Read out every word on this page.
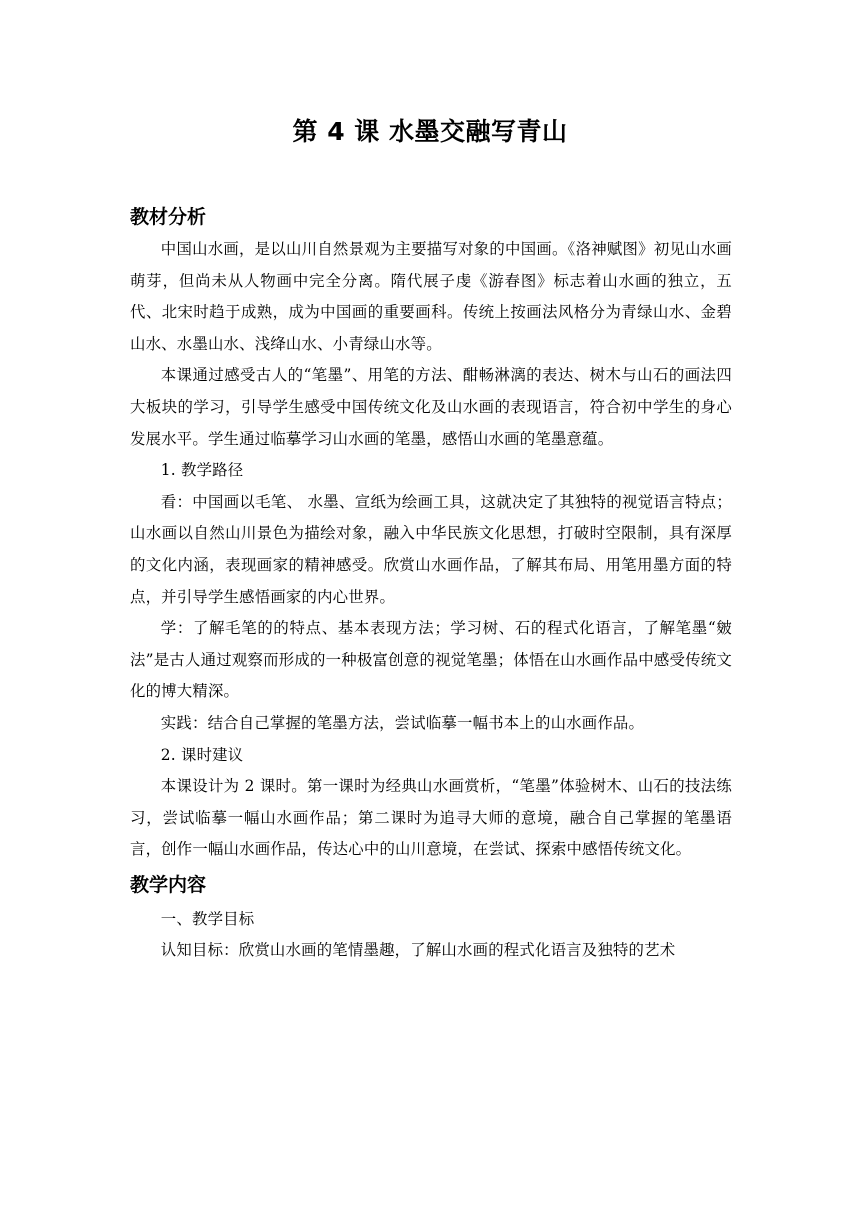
第 4 课 水墨交融写青山
教材分析
中国山水画，是以山川自然景观为主要描写对象的中国画。《洛神赋图》初见山水画萌芽，但尚未从人物画中完全分离。隋代展子虔《游春图》标志着山水画的独立，五代、北宋时趋于成熟，成为中国画的重要画科。传统上按画法风格分为青绿山水、金碧山水、水墨山水、浅绛山水、小青绿山水等。
本课通过感受古人的“笔墨”、用笔的方法、酣畅淋漓的表达、树木与山石的画法四大板块的学习，引导学生感受中国传统文化及山水画的表现语言，符合初中学生的身心发展水平。学生通过临摹学习山水画的笔墨，感悟山水画的笔墨意蕴。
1. 教学路径
看：中国画以毛笔、 水墨、宣纸为绘画工具，这就决定了其独特的视觉语言特点；山水画以自然山川景色为描绘对象，融入中华民族文化思想，打破时空限制，具有深厚的文化内涵，表现画家的精神感受。欣赏山水画作品，了解其布局、用笔用墨方面的特点，并引导学生感悟画家的内心世界。
学：了解毛笔的的特点、基本表现方法；学习树、石的程式化语言，了解笔墨“皴法”是古人通过观察而形成的一种极富创意的视觉笔墨；体悟在山水画作品中感受传统文化的博大精深。
实践：结合自己掌握的笔墨方法，尝试临摹一幅书本上的山水画作品。
2. 课时建议
本课设计为 2 课时。第一课时为经典山水画赏析，“笔墨”体验树木、山石的技法练习，尝试临摹一幅山水画作品；第二课时为追寻大师的意境，融合自己掌握的笔墨语言，创作一幅山水画作品，传达心中的山川意境，在尝试、探索中感悟传统文化。
教学内容
一、教学目标
认知目标：欣赏山水画的笔情墨趣，了解山水画的程式化语言及独特的艺术
